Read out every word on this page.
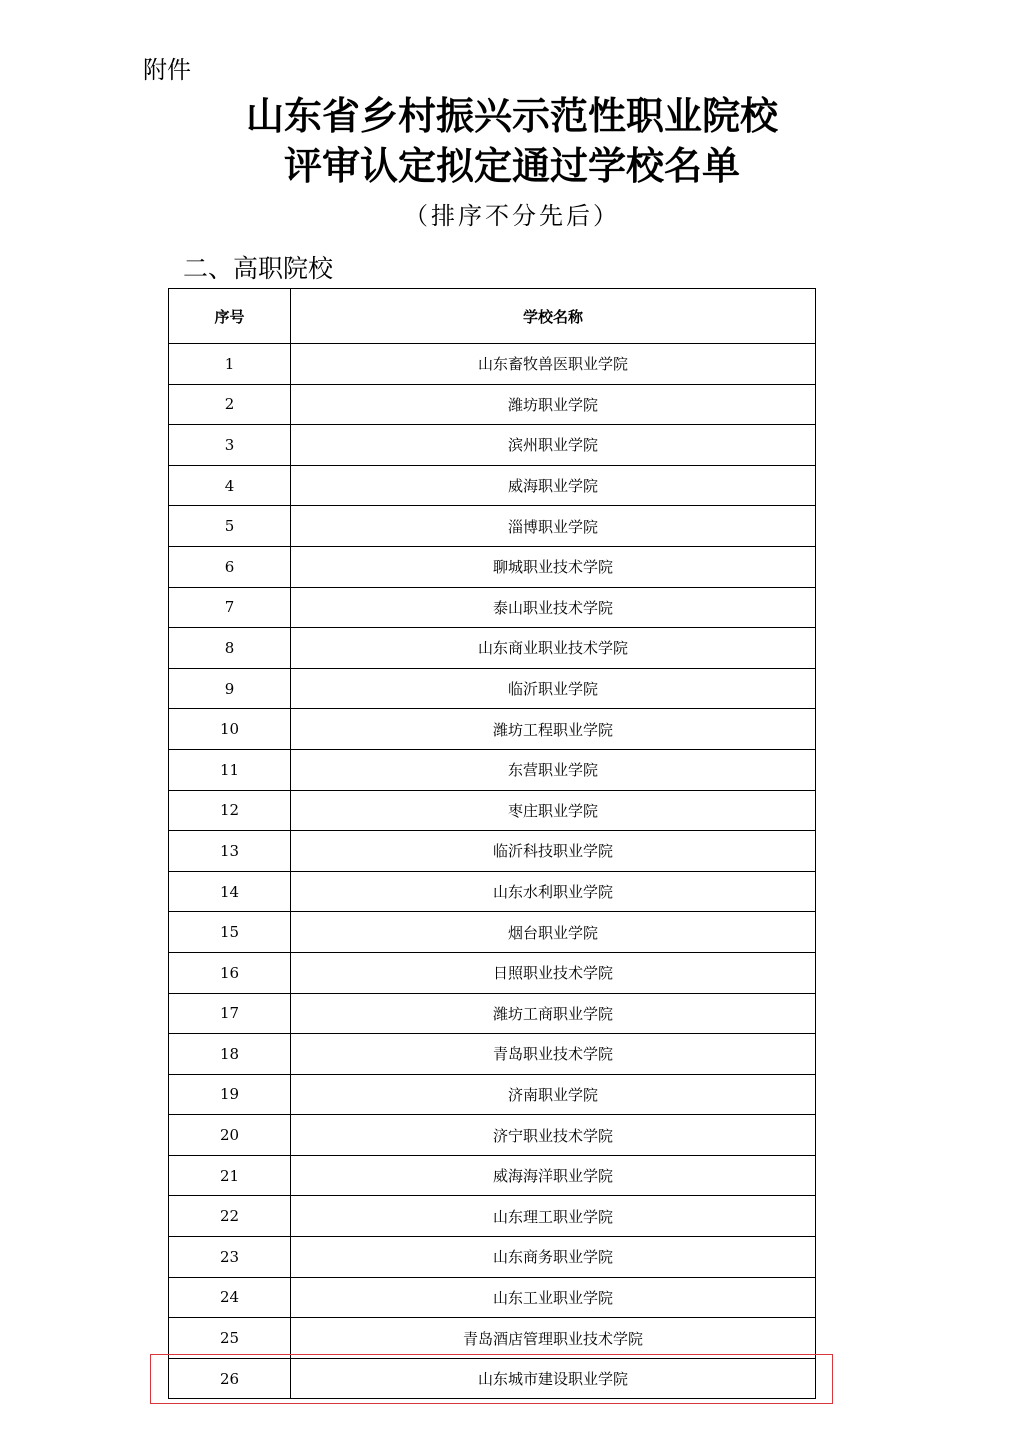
附件
山东省乡村振兴示范性职业院校
评审认定拟定通过学校名单
（排序不分先后）
二、高职院校
序号	学校名称
1	山东畜牧兽医职业学院
2	潍坊职业学院
3	滨州职业学院
4	威海职业学院
5	淄博职业学院
6	聊城职业技术学院
7	泰山职业技术学院
8	山东商业职业技术学院
9	临沂职业学院
10	潍坊工程职业学院
11	东营职业学院
12	枣庄职业学院
13	临沂科技职业学院
14	山东水利职业学院
15	烟台职业学院
16	日照职业技术学院
17	潍坊工商职业学院
18	青岛职业技术学院
19	济南职业学院
20	济宁职业技术学院
21	威海海洋职业学院
22	山东理工职业学院
23	山东商务职业学院
24	山东工业职业学院
25	青岛酒店管理职业技术学院
26	山东城市建设职业学院
